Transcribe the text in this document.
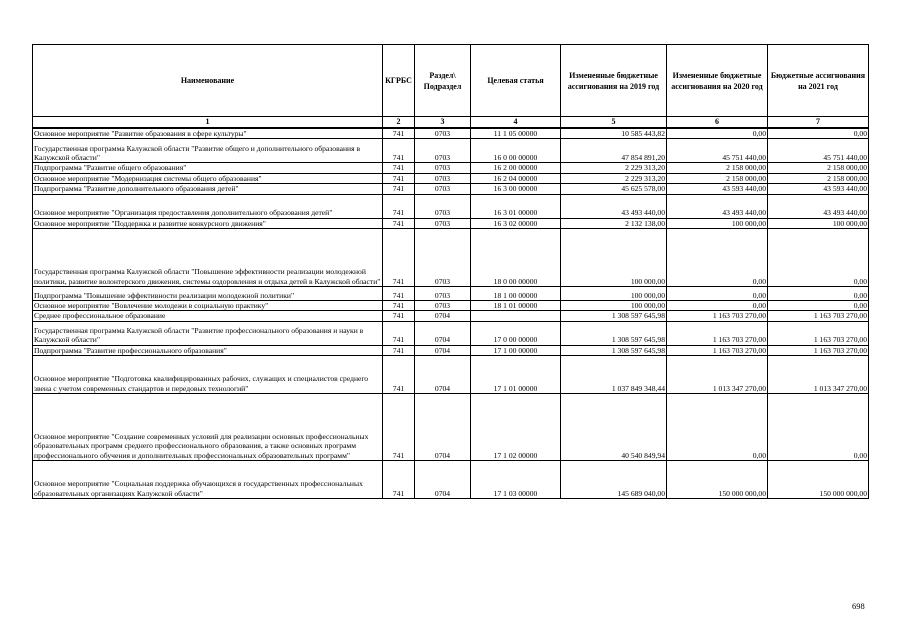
Наименование	КГРБС	Раздел\ Подраздел	Целевая статья	Измененные бюджетные ассигнования на 2019 год	Измененные бюджетные ассигнования на 2020 год	Бюджетные ассигнования на 2021 год
1	2	3	4	5	6	7
Основное мероприятие "Развитие образования в сфере культуры"	741	0703	11 1 05 00000	10 585 443,82	0,00	0,00
Государственная программа Калужской области "Развитие общего и дополнительного образования в Калужской области"	741	0703	16 0 00 00000	47 854 891,20	45 751 440,00	45 751 440,00
Подпрограмма "Развитие общего образования"	741	0703	16 2 00 00000	2 229 313,20	2 158 000,00	2 158 000,00
Основное мероприятие "Модернизация системы общего образования"	741	0703	16 2 04 00000	2 229 313,20	2 158 000,00	2 158 000,00
Подпрограмма "Развитие дополнительного образования детей"	741	0703	16 3 00 00000	45 625 578,00	43 593 440,00	43 593 440,00
Основное мероприятие "Организация предоставления дополнительного образования детей"	741	0703	16 3 01 00000	43 493 440,00	43 493 440,00	43 493 440,00
Основное мероприятие "Поддержка и развитие конкурсного движения"	741	0703	16 3 02 00000	2 132 138,00	100 000,00	100 000,00
Государственная программа Калужской области "Повышение эффективности реализации молодежной политики, развитие волонтерского движения, системы оздоровления и отдыха детей в Калужской области"	741	0703	18 0 00 00000	100 000,00	0,00	0,00
Подпрограмма "Повышение эффективности реализации молодежной политики"	741	0703	18 1 00 00000	100 000,00	0,00	0,00
Основное мероприятие "Вовлечение молодежи в социальную практику"	741	0703	18 1 01 00000	100 000,00	0,00	0,00
Среднее профессиональное образование	741	0704		1 308 597 645,98	1 163 703 270,00	1 163 703 270,00
Государственная программа Калужской области "Развитие профессионального образования и науки в Калужской области"	741	0704	17 0 00 00000	1 308 597 645,98	1 163 703 270,00	1 163 703 270,00
Подпрограмма "Развитие профессионального образования"	741	0704	17 1 00 00000	1 308 597 645,98	1 163 703 270,00	1 163 703 270,00
Основное мероприятие "Подготовка квалифицированных рабочих, служащих и специалистов среднего звена с учетом современных стандартов и передовых технологий"	741	0704	17 1 01 00000	1 037 849 348,44	1 013 347 270,00	1 013 347 270,00
Основное мероприятие "Создание современных условий для реализации основных профессиональных образовательных программ среднего профессионального образования, а также основных программ профессионального обучения и дополнительных профессиональных образовательных программ"	741	0704	17 1 02 00000	40 540 849,94	0,00	0,00
Основное мероприятие "Социальная поддержка обучающихся в государственных профессиональных образовательных организациях Калужской области"	741	0704	17 1 03 00000	145 689 040,00	150 000 000,00	150 000 000,00
698
